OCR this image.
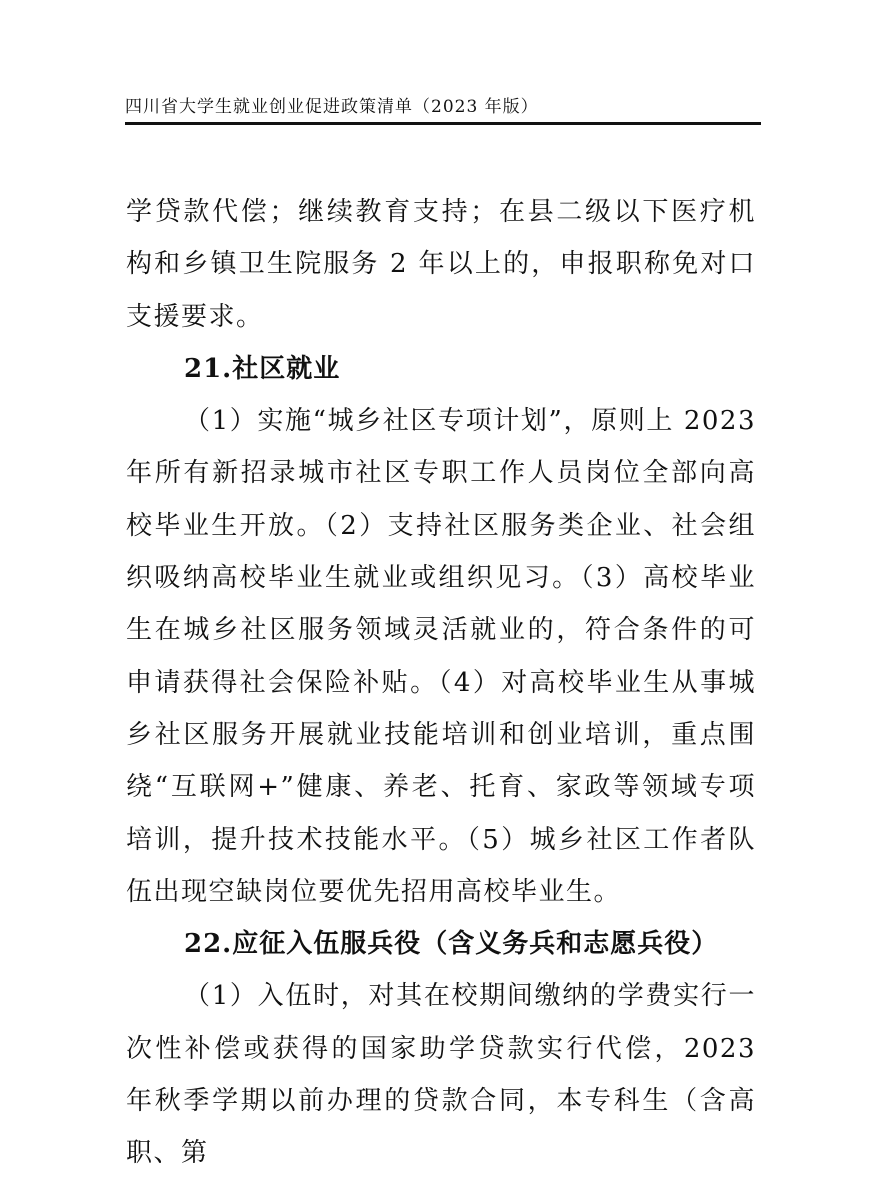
四川省大学生就业创业促进政策清单（2023 年版）

学贷款代偿；继续教育支持；在县二级以下医疗机构和乡镇卫生院服务 2 年以上的，申报职称免对口支援要求。

21.社区就业

（1）实施“城乡社区专项计划”，原则上 2023 年所有新招录城市社区专职工作人员岗位全部向高校毕业生开放。（2）支持社区服务类企业、社会组织吸纳高校毕业生就业或组织见习。（3）高校毕业生在城乡社区服务领域灵活就业的，符合条件的可申请获得社会保险补贴。（4）对高校毕业生从事城乡社区服务开展就业技能培训和创业培训，重点围绕“互联网+”健康、养老、托育、家政等领域专项培训，提升技术技能水平。（5）城乡社区工作者队伍出现空缺岗位要优先招用高校毕业生。

22.应征入伍服兵役（含义务兵和志愿兵役）

（1）入伍时，对其在校期间缴纳的学费实行一次性补偿或获得的国家助学贷款实行代偿，2023 年秋季学期以前办理的贷款合同，本专科生（含高职、第
